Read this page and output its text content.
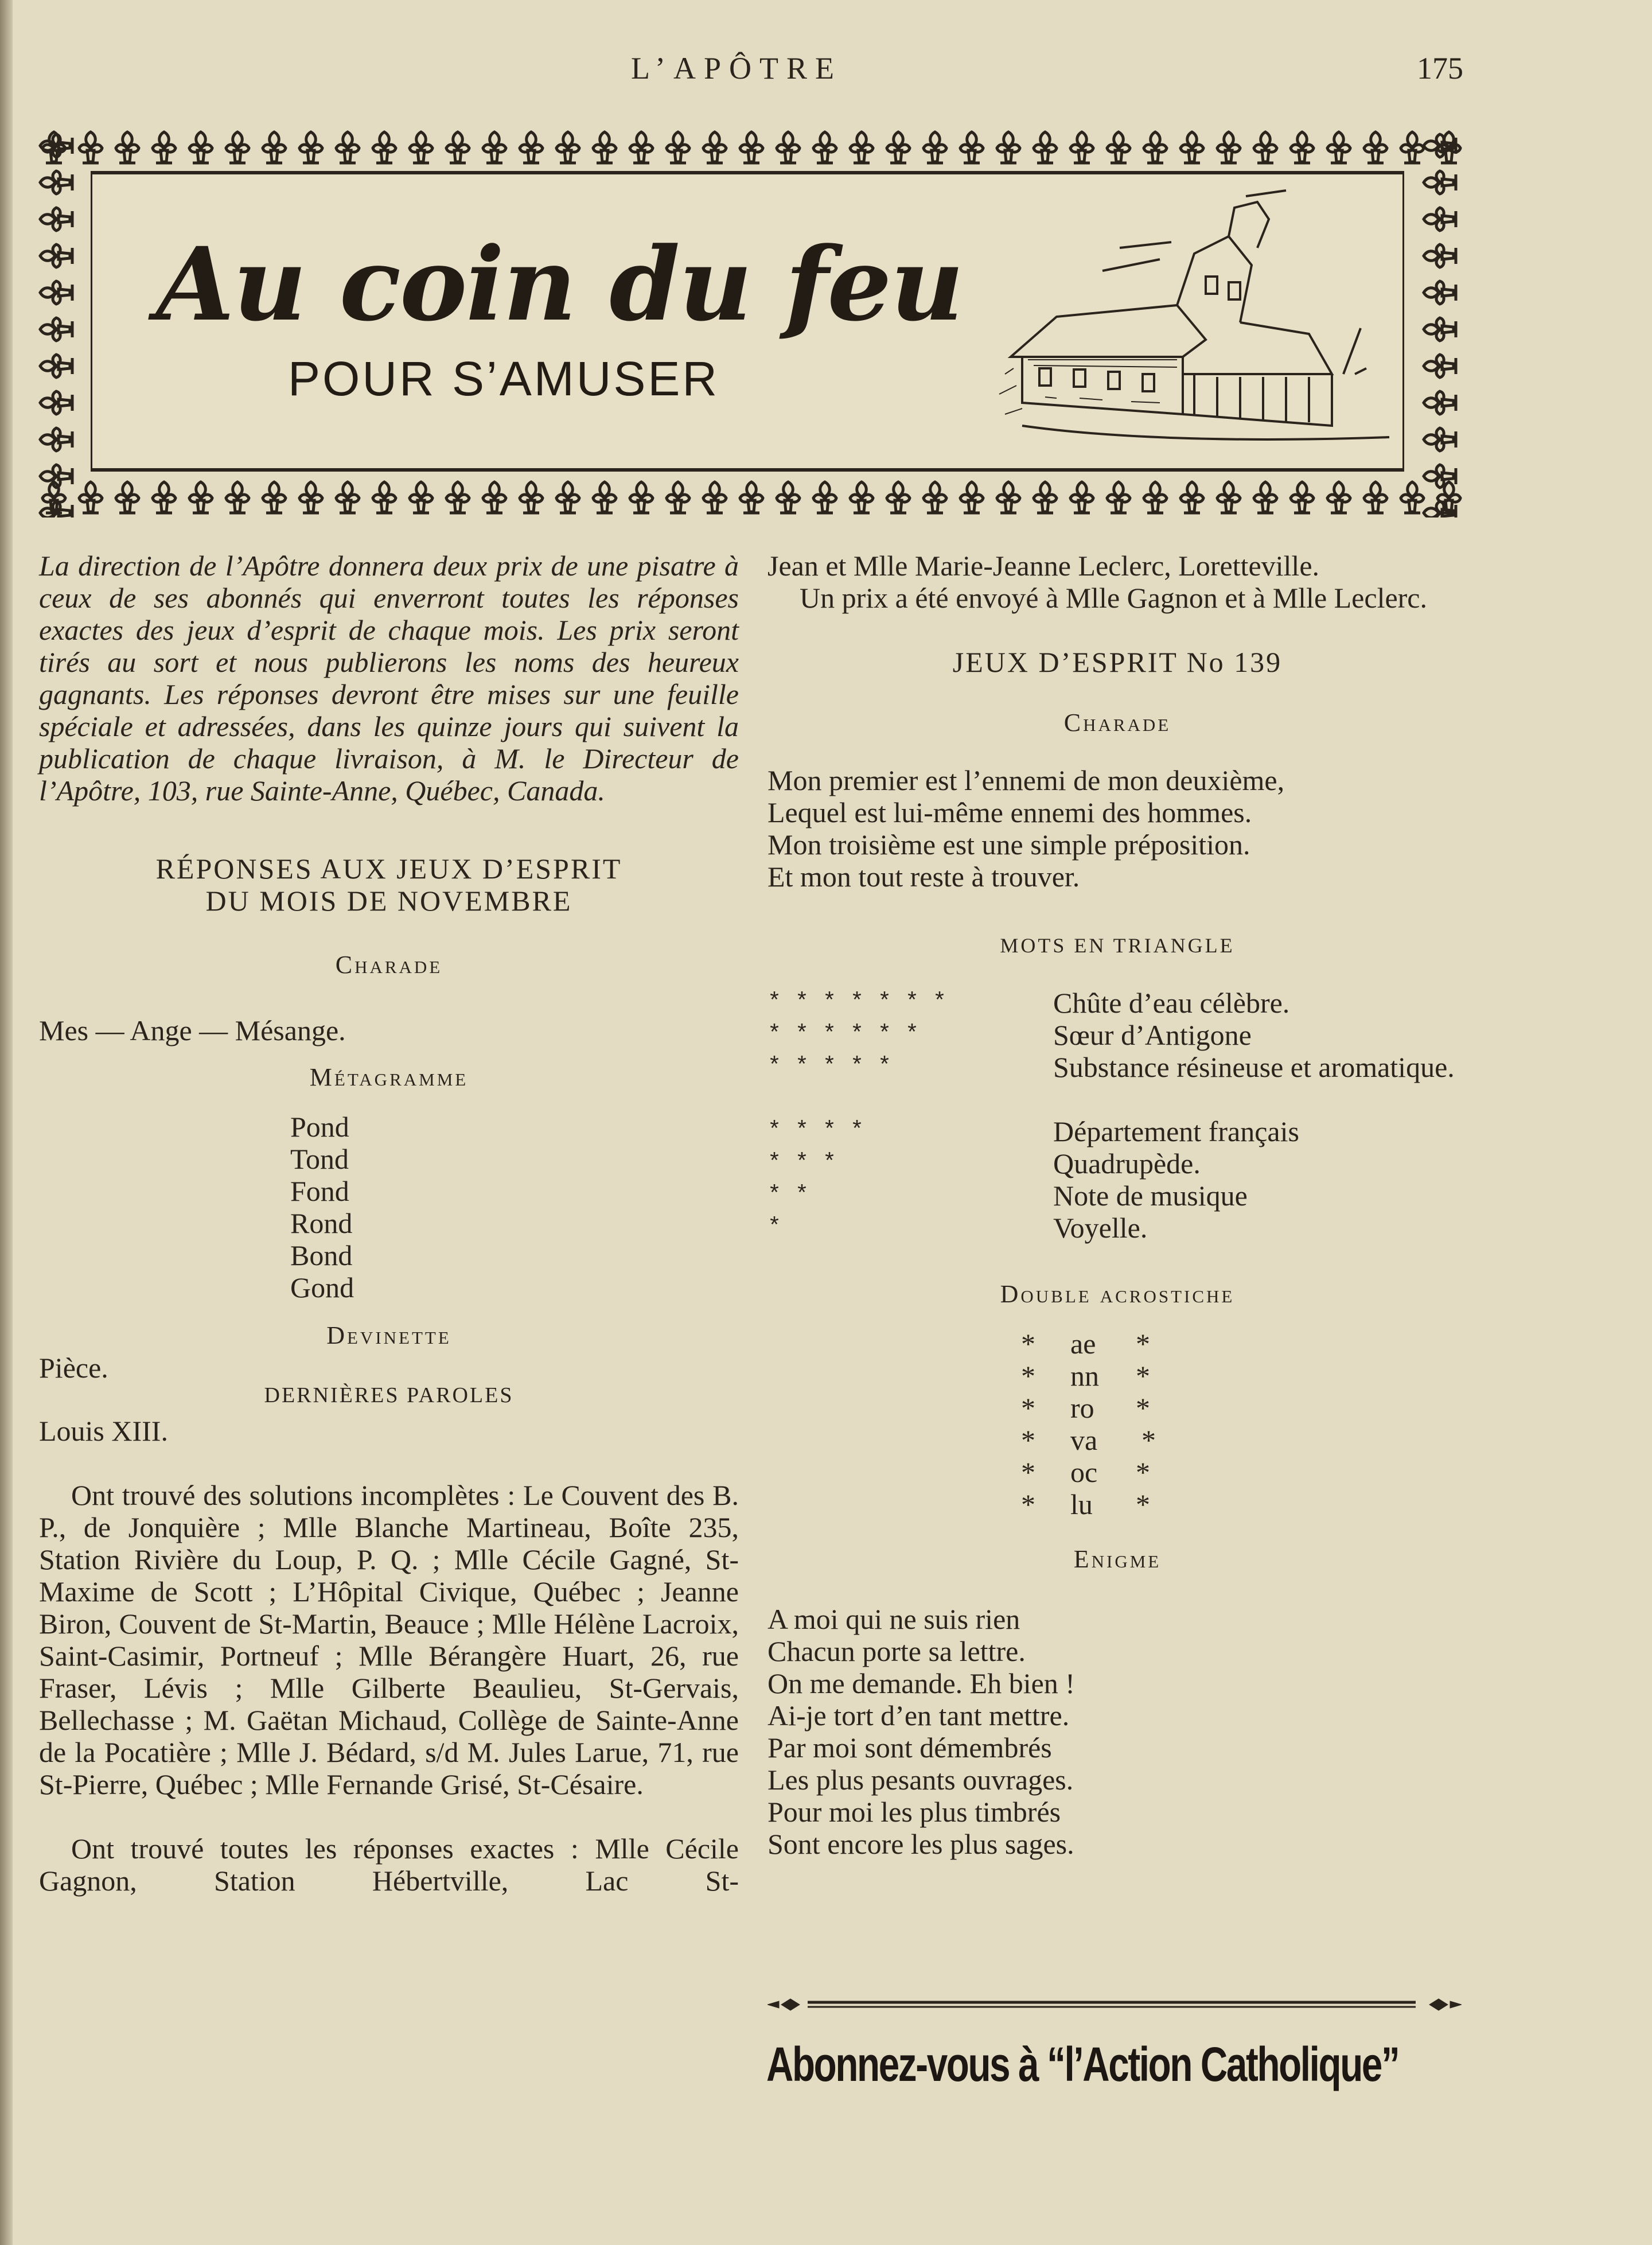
L’APÔTRE	175
Au coin du feu
POUR S’AMUSER

La direction de l’Apôtre donnera deux prix de une pisatre à ceux de ses abonnés qui enverront toutes les réponses exactes des jeux d’esprit de chaque mois. Les prix seront tirés au sort et nous publierons les noms des heureux gagnants. Les réponses devront être mises sur une feuille spéciale et adressées, dans les quinze jours qui suivent la publication de chaque livraison, à M. le Directeur de l’Apôtre, 103, rue Sainte-Anne, Québec, Canada.

RÉPONSES AUX JEUX D’ESPRIT
DU MOIS DE NOVEMBRE
Charade
Mes — Ange — Mésange.
Métagramme
Pond
Tond
Fond
Rond
Bond
Gond
Devinette
Pièce.
DERNIÈRES PAROLES
Louis XIII.

Ont trouvé des solutions incomplètes : Le Couvent des B. P., de Jonquière ; Mlle Blanche Martineau, Boîte 235, Station Rivière du Loup, P. Q. ; Mlle Cécile Gagné, St-Maxime de Scott ; L’Hôpital Civique, Québec ; Jeanne Biron, Couvent de St-Martin, Beauce ; Mlle Hélène Lacroix, Saint-Casimir, Portneuf ; Mlle Bérangère Huart, 26, rue Fraser, Lévis ; Mlle Gilberte Beaulieu, St-Gervais, Bellechasse ; M. Gaëtan Michaud, Collège de Sainte-Anne de la Pocatière ; Mlle J. Bédard, s/d M. Jules Larue, 71, rue St-Pierre, Québec ; Mlle Fernande Grisé, St-Césaire.

Ont trouvé toutes les réponses exactes : Mlle Cécile Gagnon, Station Hébertville, Lac St-

Jean et Mlle Marie-Jeanne Leclerc, Loretteville.

Un prix a été envoyé à Mlle Gagnon et à Mlle Leclerc.

JEUX D’ESPRIT No 139
Charade
Mon premier est l’ennemi de mon deuxième,
Lequel est lui-même ennemi des hommes.
Mon troisième est une simple préposition.
Et mon tout reste à trouver.
MOTS EN TRIANGLE
* * * * * * *	Chûte d’eau célèbre.
* * * * * *	Sœur d’Antigone
* * * * *	Substance résineuse et aromatique.
* * * *	Département français
* * *	Quadrupède.
* *	Note de musique
*	Voyelle.
Double acrostiche
* ae *
* nn *
* ro *
* va *
* oc *
* lu *
Enigme
A moi qui ne suis rien
Chacun porte sa lettre.
On me demande. Eh bien !
Ai-je tort d’en tant mettre.
Par moi sont démembrés
Les plus pesants ouvrages.
Pour moi les plus timbrés
Sont encore les plus sages.
Abonnez-vous à “l’Action Catholique”
